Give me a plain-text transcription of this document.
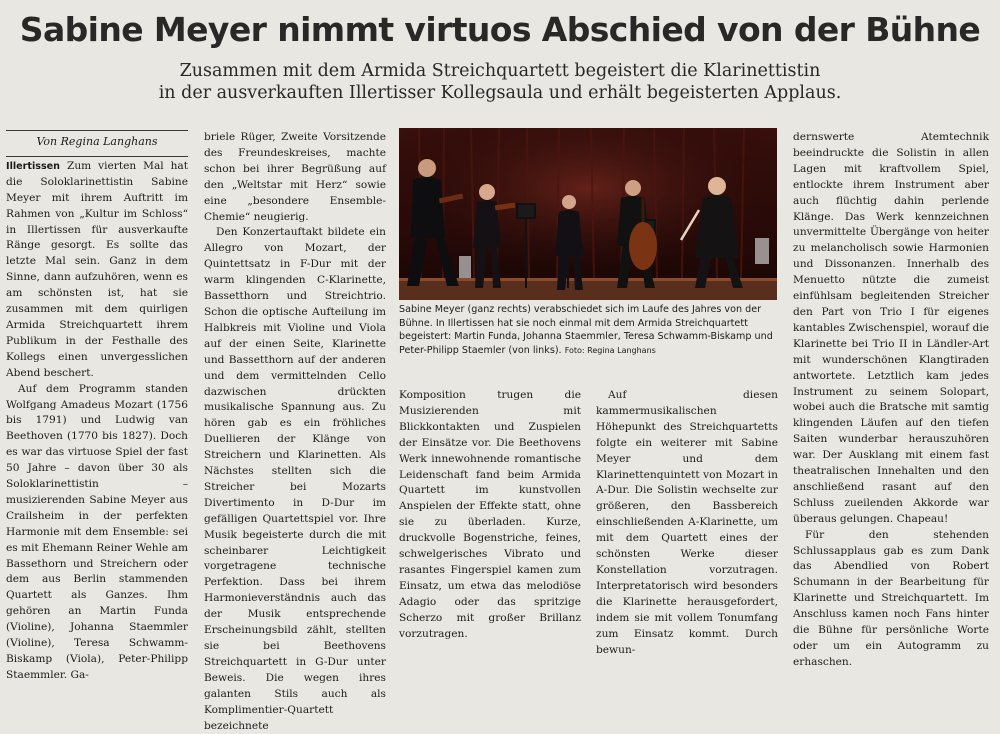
Sabine Meyer nimmt virtuos Abschied von der Bühne
Zusammen mit dem Armida Streichquartett begeistert die Klarinettistin
in der ausverkauften Illertisser Kollegsaula und erhält begeisterten Applaus.
Von Regina Langhans

Illertissen Zum vierten Mal hat die Soloklarinettistin Sabine Meyer mit ihrem Auftritt im Rahmen von „Kultur im Schloss“ in Illertissen für ausverkaufte Ränge gesorgt. Es sollte das letzte Mal sein. Ganz in dem Sinne, dann aufzuhören, wenn es am schönsten ist, hat sie zusammen mit dem quirligen Armida Streichquartett ihrem Publikum in der Festhalle des Kollegs einen unvergesslichen Abend beschert.

Auf dem Programm standen Wolfgang Amadeus Mozart (1756 bis 1791) und Ludwig van Beethoven (1770 bis 1827). Doch es war das virtuose Spiel der fast 50 Jahre – davon über 30 als Soloklarinettistin – musizierenden Sabine Meyer aus Crailsheim in der perfekten Harmonie mit dem Ensemble: sei es mit Ehemann Reiner Wehle am Bassethorn und Streichern oder dem aus Berlin stammenden Quartett als Ganzes. Ihm gehören an Martin Funda (Violine), Johanna Staemmler (Violine), Teresa Schwamm-Biskamp (Viola), Peter-Philipp Staemmler. Ga-

briele Rüger, Zweite Vorsitzende des Freundeskreises, machte schon bei ihrer Begrüßung auf den „Weltstar mit Herz“ sowie eine „besondere Ensemble-Chemie“ neugierig.

Den Konzertauftakt bildete ein Allegro von Mozart, der Quintettsatz in F-Dur mit der warm klingenden C-Klarinette, Bassetthorn und Streichtrio. Schon die optische Aufteilung im Halbkreis mit Violine und Viola auf der einen Seite, Klarinette und Bassetthorn auf der anderen und dem vermittelnden Cello dazwischen drückten musikalische Spannung aus. Zu hören gab es ein fröhliches Duellieren der Klänge von Streichern und Klarinetten. Als Nächstes stellten sich die Streicher bei Mozarts Divertimento in D-Dur im gefälligen Quartettspiel vor. Ihre Musik begeisterte durch die mit scheinbarer Leichtigkeit vorgetragene technische Perfektion. Dass bei ihrem Harmonieverständnis auch das der Musik entsprechende Erscheinungsbild zählt, stellten sie bei Beethovens Streichquartett in G-Dur unter Beweis. Die wegen ihres galanten Stils auch als Komplimentier-Quartett bezeichnete

Sabine Meyer (ganz rechts) verabschiedet sich im Laufe des Jahres von der Bühne. In Illertissen hat sie noch einmal mit dem Armida Streichquartett begeistert: Martin Funda, Johanna Staemmler, Teresa Schwamm-Biskamp und Peter-Philipp Staemler (von links). Foto: Regina Langhans

Komposition trugen die Musizierenden mit Blickkontakten und Zuspielen der Einsätze vor. Die Beethovens Werk innewohnende romantische Leidenschaft fand beim Armida Quartett im kunstvollen Anspielen der Effekte statt, ohne sie zu überladen. Kurze, druckvolle Bogenstriche, feines, schwelgerisches Vibrato und rasantes Fingerspiel kamen zum Einsatz, um etwa das melodiöse Adagio oder das spritzige Scherzo mit großer Brillanz vorzutragen.

Auf diesen kammermusikalischen Höhepunkt des Streichquartetts folgte ein weiterer mit Sabine Meyer und dem Klarinettenquintett von Mozart in A-Dur. Die Solistin wechselte zur größeren, den Bassbereich einschließenden A-Klarinette, um mit dem Quartett eines der schönsten Werke dieser Konstellation vorzutragen. Interpretatorisch wird besonders die Klarinette herausgefordert, indem sie mit vollem Tonumfang zum Einsatz kommt. Durch bewun-

dernswerte Atemtechnik beeindruckte die Solistin in allen Lagen mit kraftvollem Spiel, entlockte ihrem Instrument aber auch flüchtig dahin perlende Klänge. Das Werk kennzeichnen unvermittelte Übergänge von heiter zu melancholisch sowie Harmonien und Dissonanzen. Innerhalb des Menuetto nützte die zumeist einfühlsam begleitenden Streicher den Part von Trio I für eigenes kantables Zwischenspiel, worauf die Klarinette bei Trio II in Ländler-Art mit wunderschönen Klangtiraden antwortete. Letztlich kam jedes Instrument zu seinem Solopart, wobei auch die Bratsche mit samtig klingenden Läufen auf den tiefen Saiten wunderbar herauszuhören war. Der Ausklang mit einem fast theatralischen Innehalten und den anschließend rasant auf den Schluss zueilenden Akkorde war überaus gelungen. Chapeau!

Für den stehenden Schlussapplaus gab es zum Dank das Abendlied von Robert Schumann in der Bearbeitung für Klarinette und Streichquartett. Im Anschluss kamen noch Fans hinter die Bühne für persönliche Worte oder um ein Autogramm zu erhaschen.
